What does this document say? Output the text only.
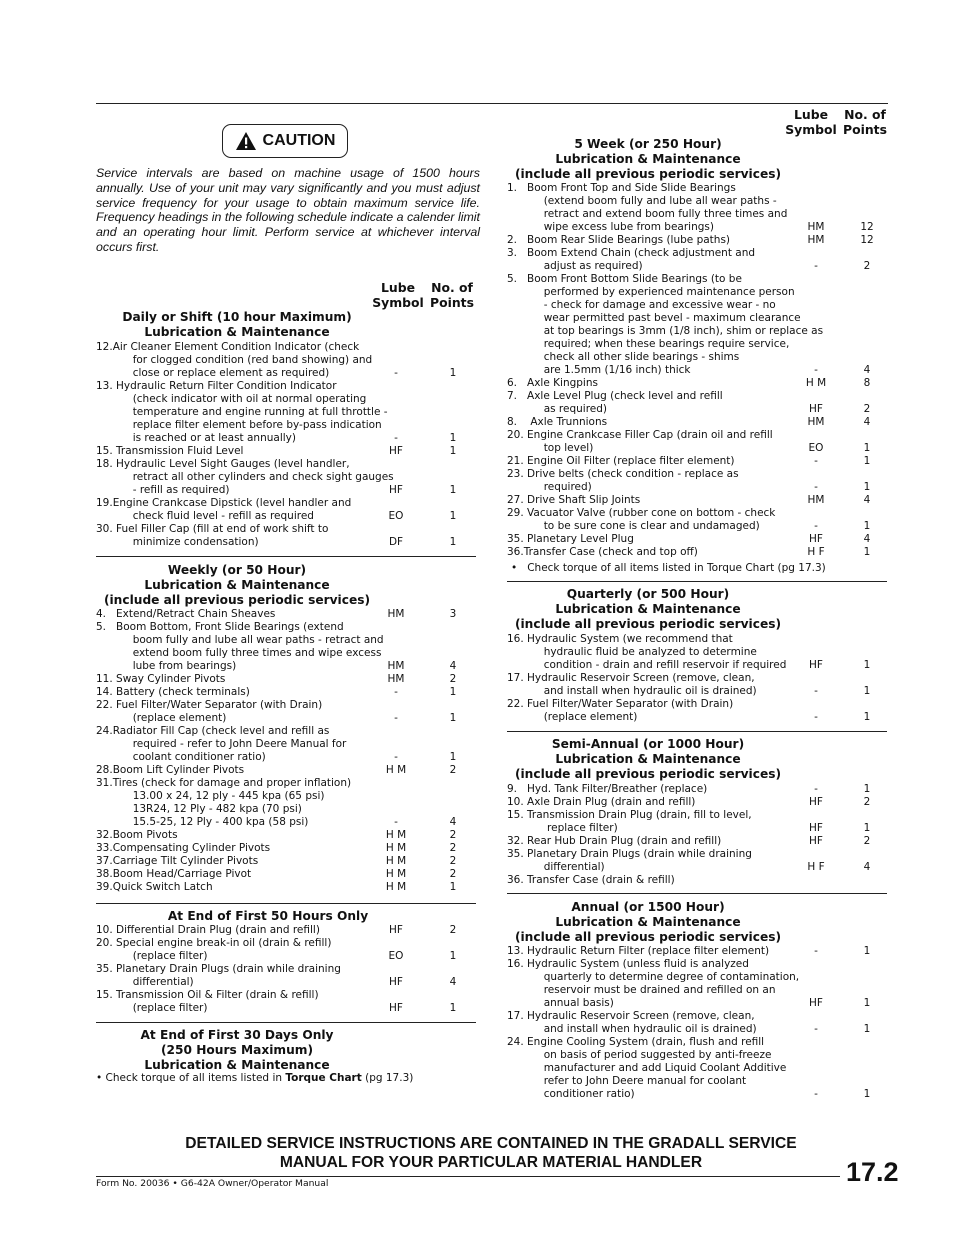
CAUTION
Service intervals are based on machine usage of 1500 hours annually. Use of your unit may vary significantly and you must adjust service frequency for your usage to obtain maximum service life. Frequency headings in the following schedule indicate a calender limit and an operating hour limit. Perform service at whichever interval occurs first.
Lube
Symbol
No. of
Points
Lube
Symbol
No. of
Points
Daily or Shift (10 hour Maximum)
Lubrication & Maintenance
12.Air Cleaner Element Condition Indicator (check
for clogged condition (red band showing) and
close or replace element as required)	-	1
13. Hydraulic Return Filter Condition Indicator
(check indicator with oil at normal operating
temperature and engine running at full throttle -
replace filter element before by-pass indication
is reached or at least annually)	-	1
15. Transmission Fluid Level	HF	1
18. Hydraulic Level Sight Gauges (level handler,
retract all other cylinders and check sight gauges
- refill as required)	HF	1
19.Engine Crankcase Dipstick (level handler and
check fluid level - refill as required	EO	1
30. Fuel Filler Cap (fill at end of work shift to
minimize condensation)	DF	1
Weekly (or 50 Hour)
Lubrication & Maintenance
(include all previous periodic services)
4.   Extend/Retract Chain Sheaves	HM	3
5.   Boom Bottom, Front Slide Bearings (extend
boom fully and lube all wear paths - retract and
extend boom fully three times and wipe excess
lube from bearings)	HM	4
11. Sway Cylinder Pivots	HM	2
14. Battery (check terminals)	-	1
22. Fuel Filter/Water Separator (with Drain)
(replace element)	-	1
24.Radiator Fill Cap (check level and refill as
required - refer to John Deere Manual for
coolant conditioner ratio)	-	1
28.Boom Lift Cylinder Pivots	H M	2
31.Tires (check for damage and proper inflation)
13.00 x 24, 12 ply - 445 kpa (65 psi)
13R24, 12 Ply - 482 kpa (70 psi)
15.5-25, 12 Ply - 400 kpa (58 psi)	-	4
32.Boom Pivots	H M	2
33.Compensating Cylinder Pivots	H M	2
37.Carriage Tilt Cylinder Pivots	H M	2
38.Boom Head/Carriage Pivot	H M	2
39.Quick Switch Latch	H M	1
At End of First 50 Hours Only
10. Differential Drain Plug (drain and refill)	HF	2
20. Special engine break-in oil (drain & refill)
(replace filter)	EO	1
35. Planetary Drain Plugs (drain while draining
differential)	HF	4
15. Transmission Oil & Filter (drain & refill)
(replace filter)	HF	1
At End of First 30 Days Only
(250 Hours Maximum)
Lubrication & Maintenance
• Check torque of all items listed in Torque Chart (pg 17.3)
5 Week (or 250 Hour)
Lubrication & Maintenance
(include all previous periodic services)
1.   Boom Front Top and Side Slide Bearings
(extend boom fully and lube all wear paths -
retract and extend boom fully three times and
wipe excess lube from bearings)	HM	12
2.   Boom Rear Slide Bearings (lube paths)	HM	12
3.   Boom Extend Chain (check adjustment and
adjust as required)	-	2
5.   Boom Front Bottom Slide Bearings (to be
performed by experienced maintenance person
- check for damage and excessive wear - no
wear permitted past bevel - maximum clearance
at top bearings is 3mm (1/8 inch), shim or replace as
required; when these bearings require service,
check all other slide bearings - shims
are 1.5mm (1/16 inch) thick	-	4
6.   Axle Kingpins	H M	8
7.   Axle Level Plug (check level and refill
as required)	HF	2
8.    Axle Trunnions	HM	4
20. Engine Crankcase Filler Cap (drain oil and refill
top level)	EO	1
21. Engine Oil Filter (replace filter element)	-	1
23. Drive belts (check condition - replace as
required)	-	1
27. Drive Shaft Slip Joints	HM	4
29. Vacuator Valve (rubber cone on bottom - check
to be sure cone is clear and undamaged)	-	1
35. Planetary Level Plug	HF	4
36.Transfer Case (check and top off)	H F	1
•   Check torque of all items listed in Torque Chart (pg 17.3)
Quarterly (or 500 Hour)
Lubrication & Maintenance
(include all previous periodic services)
16. Hydraulic System (we recommend that
hydraulic fluid be analyzed to determine
condition - drain and refill reservoir if required	HF	1
17. Hydraulic Reservoir Screen (remove, clean,
and install when hydraulic oil is drained)	-	1
22. Fuel Filter/Water Separator (with Drain)
(replace element)	-	1
Semi-Annual (or 1000 Hour)
Lubrication & Maintenance
(include all previous periodic services)
9.   Hyd. Tank Filter/Breather (replace)	-	1
10. Axle Drain Plug (drain and refill)	HF	2
15. Transmission Drain Plug (drain, fill to level,
replace filter)	HF	1
32. Rear Hub Drain Plug (drain and refill)	HF	2
35. Planetary Drain Plugs (drain while draining
differential)	H F	4
36. Transfer Case (drain & refill)
Annual (or 1500 Hour)
Lubrication & Maintenance
(include all previous periodic services)
13. Hydraulic Return Filter (replace filter element)	-	1
16. Hydraulic System (unless fluid is analyzed
quarterly to determine degree of contamination,
reservoir must be drained and refilled on an
annual basis)	HF	1
17. Hydraulic Reservoir Screen (remove, clean,
and install when hydraulic oil is drained)	-	1
24. Engine Cooling System (drain, flush and refill
on basis of period suggested by anti-freeze
manufacturer and add Liquid Coolant Additive
refer to John Deere manual for coolant
conditioner ratio)	-	1
DETAILED SERVICE INSTRUCTIONS ARE CONTAINED IN THE GRADALL SERVICE
MANUAL FOR YOUR PARTICULAR MATERIAL HANDLER
Form No. 20036 • G6-42A Owner/Operator Manual	17.2
